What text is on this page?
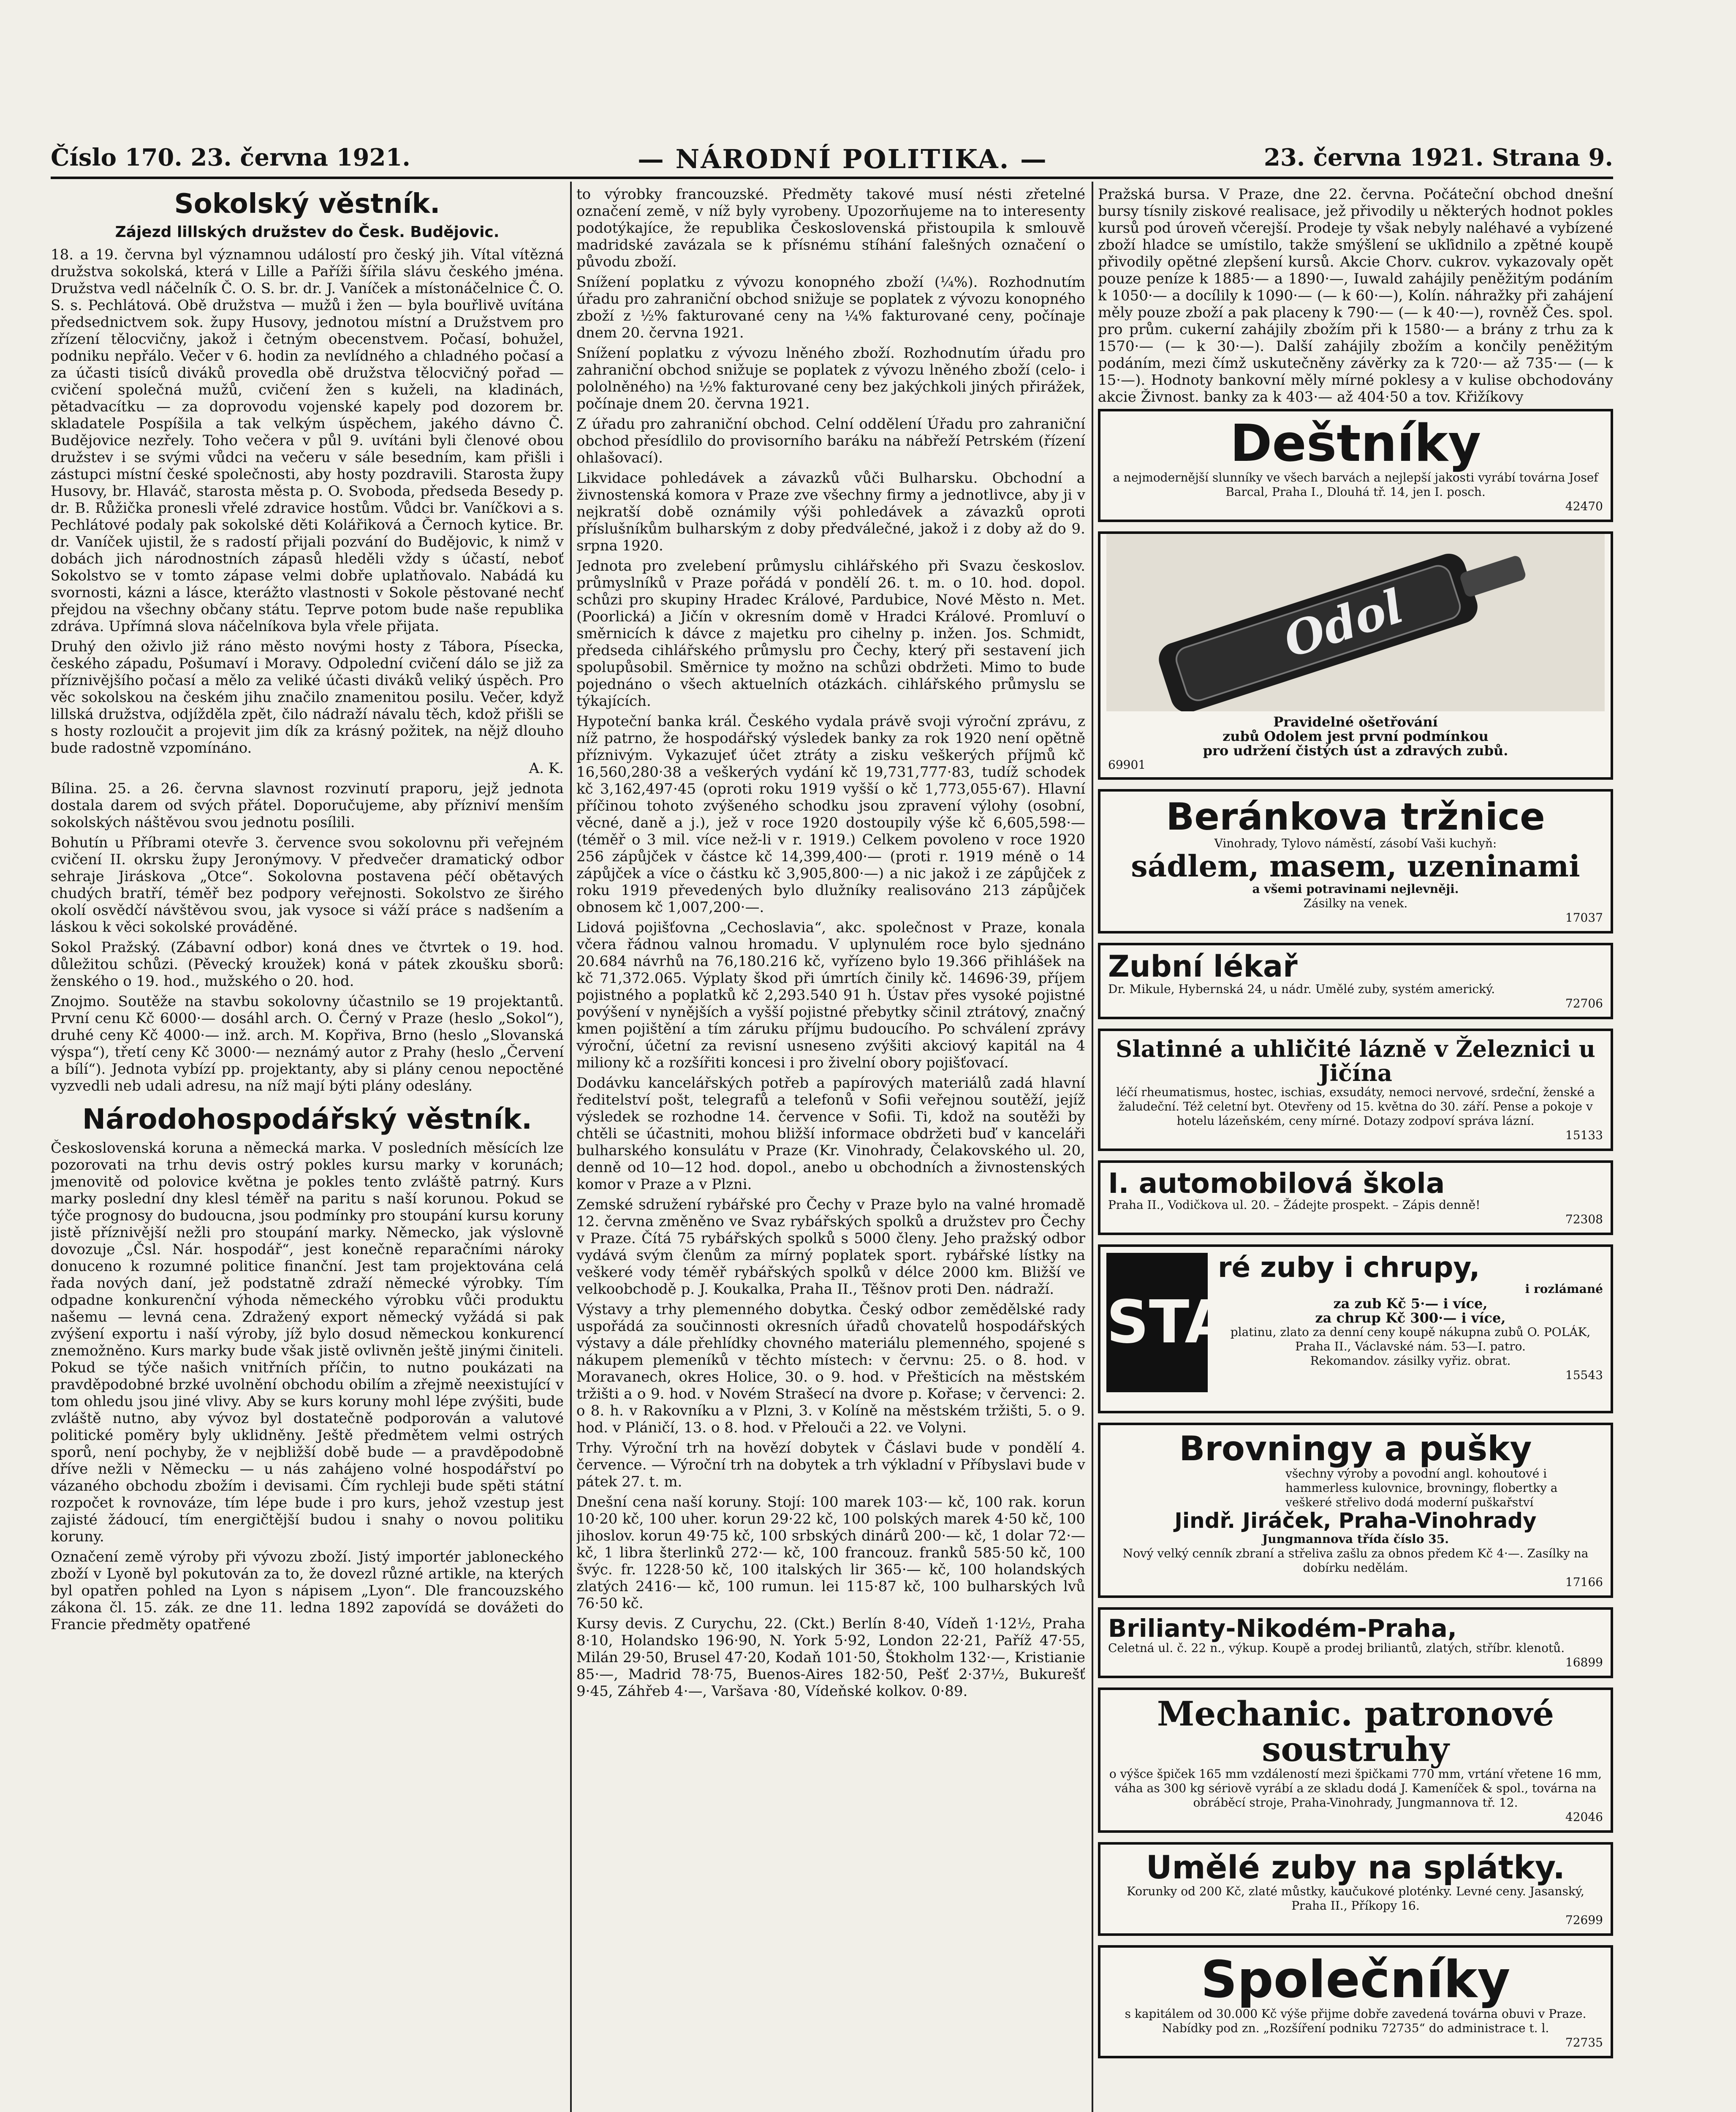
Číslo 170. 23. června 1921.	— NÁRODNÍ POLITIKA. —	23. června 1921. Strana 9.
Sokolský věstník.
Zájezd lillských družstev do Česk. Budějovic.

18. a 19. června byl významnou událostí pro český jih. Vítal vítězná družstva sokolská, která v Lille a Paříži šířila slávu českého jména. Družstva vedl náčelník Č. O. S. br. dr. J. Vaníček a místonáčelnice Č. O. S. s. Pechlátová. Obě družstva — mužů i žen — byla bouřlivě uvítána předsednictvem sok. župy Husovy, jednotou místní a Družstvem pro zřízení tělocvičny, jakož i četným obecenstvem. Počasí, bohužel, podniku nepřálo. Večer v 6. hodin za nevlídného a chladného počasí a za účasti tisíců diváků provedla obě družstva tělocvičný pořad — cvičení společná mužů, cvičení žen s kuželi, na kladinách, pětadvacítku — za doprovodu vojenské kapely pod dozorem br. skladatele Pospíšila a tak velkým úspěchem, jakého dávno Č. Budějovice nezřely. Toho večera v půl 9. uvítáni byli členové obou družstev i se svými vůdci na večeru v sále besedním, kam přišli i zástupci místní české společnosti, aby hosty pozdravili. Starosta župy Husovy, br. Hlaváč, starosta města p. O. Svoboda, předseda Besedy p. dr. B. Růžička pronesli vřelé zdravice hostům. Vůdci br. Vaníčkovi a s. Pechlátové podaly pak sokolské děti Kolářiková a Černoch kytice. Br. dr. Vaníček ujistil, že s radostí přijali pozvání do Budějovic, k nimž v dobách jich národnostních zápasů hleděli vždy s účastí, neboť Sokolstvo se v tomto zápase velmi dobře uplatňovalo. Nabádá ku svornosti, kázni a lásce, kterážto vlastnosti v Sokole pěstované nechť přejdou na všechny občany státu. Teprve potom bude naše republika zdráva. Upřímná slova náčelníkova byla vřele přijata.

Druhý den oživlo již ráno město novými hosty z Tábora, Písecka, českého západu, Pošumaví i Moravy. Odpolední cvičení dálo se již za příznivějšího počasí a mělo za veliké účasti diváků veliký úspěch. Pro věc sokolskou na českém jihu značilo znamenitou posilu. Večer, když lillská družstva, odjížděla zpět, čilo nádraží návalu těch, kdož přišli se s hosty rozloučit a projevit jim dík za krásný požitek, na nějž dlouho bude radostně vzpomínáno.

A. K.

Bílina. 25. a 26. června slavnost rozvinutí praporu, jejž jednota dostala darem od svých přátel. Doporučujeme, aby přízniví menším sokolských náštěvou svou jednotu posílili.

Bohutín u Příbrami otevře 3. července svou sokolovnu při veřejném cvičení II. okrsku župy Jeronýmovy. V předvečer dramatický odbor sehraje Jiráskova „Otce“. Sokolovna postavena péčí obětavých chudých bratří, téměř bez podpory veřejnosti. Sokolstvo ze širého okolí osvědčí návštěvou svou, jak vysoce si váží práce s nadšením a láskou k věci sokolské prováděné.

Sokol Pražský. (Zábavní odbor) koná dnes ve čtvrtek o 19. hod. důležitou schůzi. (Pěvecký kroužek) koná v pátek zkoušku sborů: ženského o 19. hod., mužského o 20. hod.

Znojmo. Soutěže na stavbu sokolovny účastnilo se 19 projektantů. První cenu Kč 6000·— dosáhl arch. O. Černý v Praze (heslo „Sokol“), druhé ceny Kč 4000·— inž. arch. M. Kopřiva, Brno (heslo „Slovanská výspa“), třetí ceny Kč 3000·— neznámý autor z Prahy (heslo „Červení a bílí“). Jednota vybízí pp. projektanty, aby si plány cenou nepoctěné vyzvedli neb udali adresu, na níž mají býti plány odeslány.

Národohospodářský věstník.

Československá koruna a německá marka. V posledních měsících lze pozorovati na trhu devis ostrý pokles kursu marky v korunách; jmenovitě od polovice května je pokles tento zvláště patrný. Kurs marky poslední dny klesl téměř na paritu s naší korunou. Pokud se týče prognosy do budoucna, jsou podmínky pro stoupání kursu koruny jistě příznivější nežli pro stoupání marky. Německo, jak výslovně dovozuje „Čsl. Nár. hospodář“, jest konečně reparačními nároky donuceno k rozumné politice finanční. Jest tam projektována celá řada nových daní, jež podstatně zdraží německé výrobky. Tím odpadne konkurenční výhoda německého výrobku vůči produktu našemu — levná cena. Zdražený export německý vyžádá si pak zvýšení exportu i naší výroby, jíž bylo dosud německou konkurencí znemožněno. Kurs marky bude však jistě ovlivněn ještě jinými činiteli. Pokud se týče našich vnitřních příčin, to nutno poukázati na pravděpodobné brzké uvolnění obchodu obilím a zřejmě neexistující v tom ohledu jsou jiné vlivy. Aby se kurs koruny mohl lépe zvýšiti, bude zvláště nutno, aby vývoz byl dostatečně podporován a valutové politické poměry byly uklidněny. Ještě předmětem velmi ostrých sporů, není pochyby, že v nejbližší době bude — a pravděpodobně dříve nežli v Německu — u nás zahájeno volné hospodářství po vázaného obchodu zbožím i devisami. Čím rychleji bude spěti státní rozpočet k rovnováze, tím lépe bude i pro kurs, jehož vzestup jest zajisté žádoucí, tím energičtější budou i snahy o novou politiku koruny.

Označení země výroby při vývozu zboží. Jistý importér jabloneckého zboží v Lyoně byl pokutován za to, že dovezl různé artikle, na kterých byl opatřen pohled na Lyon s nápisem „Lyon“. Dle francouzského zákona čl. 15. zák. ze dne 11. ledna 1892 zapovídá se dovážeti do Francie předměty opatřené

to výrobky francouzské. Předměty takové musí nésti zřetelné označení země, v níž byly vyrobeny. Upozorňujeme na to interesenty podotýkajíce, že republika Československá přistoupila k smlouvě madridské zavázala se k přísnému stíhání falešných označení o původu zboží.

Snížení poplatku z vývozu konopného zboží (¼%). Rozhodnutím úřadu pro zahraniční obchod snižuje se poplatek z vývozu konopného zboží z ½% fakturované ceny na ¼% fakturované ceny, počínaje dnem 20. června 1921.

Snížení poplatku z vývozu lněného zboží. Rozhodnutím úřadu pro zahraniční obchod snižuje se poplatek z vývozu lněného zboží (celo- i pololněného) na ½% fakturované ceny bez jakýchkoli jiných přirážek, počínaje dnem 20. června 1921.

Z úřadu pro zahraniční obchod. Celní oddělení Úřadu pro zahraniční obchod přesídlilo do provisorního baráku na nábřeží Petrském (řízení ohlašovací).

Likvidace pohledávek a závazků vůči Bulharsku. Obchodní a živnostenská komora v Praze zve všechny firmy a jednotlivce, aby ji v nejkratší době oznámily výši pohledávek a závazků oproti příslušníkům bulharským z doby předválečné, jakož i z doby až do 9. srpna 1920.

Jednota pro zvelebení průmyslu cihlářského při Svazu českoslov. průmyslníků v Praze pořádá v pondělí 26. t. m. o 10. hod. dopol. schůzi pro skupiny Hradec Králové, Pardubice, Nové Město n. Met. (Poorlická) a Jičín v okresním domě v Hradci Králové. Promluví o směrnicích k dávce z majetku pro cihelny p. inžen. Jos. Schmidt, předseda cihlářského průmyslu pro Čechy, který při sestavení jich spolupůsobil. Směrnice ty možno na schůzi obdržeti. Mimo to bude pojednáno o všech aktuelních otázkách. cihlářského průmyslu se týkajících.

Hypoteční banka král. Českého vydala právě svoji výroční zprávu, z níž patrno, že hospodářský výsledek banky za rok 1920 není opětně příznivým. Vykazujeť účet ztráty a zisku veškerých příjmů kč 16,560,280·38 a veškerých vydání kč 19,731,777·83, tudíž schodek kč 3,162,497·45 (oproti roku 1919 vyšší o kč 1,773,055·67). Hlavní příčinou tohoto zvýšeného schodku jsou zpravení výlohy (osobní, věcné, daně a j.), jež v roce 1920 dostoupily výše kč 6,605,598·— (téměř o 3 mil. více než-li v r. 1919.) Celkem povoleno v roce 1920 256 zápůjček v částce kč 14,399,400·— (proti r. 1919 méně o 14 zápůjček a více o částku kč 3,905,800·—) a nic jakož i ze zápůjček z roku 1919 převedených bylo dlužníky realisováno 213 zápůjček obnosem kč 1,007,200·—.

Lidová pojišťovna „Cechoslavia“, akc. společnost v Praze, konala včera řádnou valnou hromadu. V uplynulém roce bylo sjednáno 20.684 návrhů na 76,180.216 kč, vyřízeno bylo 19.366 přihlášek na kč 71,372.065. Výplaty škod při úmrtích činily kč. 14696·39, příjem pojistného a poplatků kč 2,293.540 91 h. Ústav přes vysoké pojistné povýšení v nynějších a vyšší pojistné přebytky sčinil ztrátový, značný kmen pojištění a tím záruku příjmu budoucího. Po schválení zprávy výroční, účetní za revisní usneseno zvýšiti akciový kapitál na 4 miliony kč a rozšířiti koncesi i pro živelní obory pojišťovací.

Dodávku kancelářských potřeb a papírových materiálů zadá hlavní ředitelství pošt, telegrafů a telefonů v Sofii veřejnou soutěží, jejíž výsledek se rozhodne 14. července v Sofii. Ti, kdož na soutěži by chtěli se účastniti, mohou bližší informace obdržeti buď v kanceláři bulharského konsulátu v Praze (Kr. Vinohrady, Čelakovského ul. 20, denně od 10—12 hod. dopol., anebo u obchodních a živnostenských komor v Praze a v Plzni.

Zemské sdružení rybářské pro Čechy v Praze bylo na valné hromadě 12. června změněno ve Svaz rybářských spolků a družstev pro Čechy v Praze. Čítá 75 rybářských spolků s 5000 členy. Jeho pražský odbor vydává svým členům za mírný poplatek sport. rybářské lístky na veškeré vody téměř rybářských spolků v délce 2000 km. Bližší ve velkoobchodě p. J. Koukalka, Praha II., Těšnov proti Den. nádraží.

Výstavy a trhy plemenného dobytka. Český odbor zemědělské rady uspořádá za součinnosti okresních úřadů chovatelů hospodářských výstavy a dále přehlídky chovného materiálu plemenného, spojené s nákupem plemeníků v těchto místech: v červnu: 25. o 8. hod. v Moravanech, okres Holice, 30. o 9. hod. v Přešticích na městském tržišti a o 9. hod. v Novém Strašecí na dvore p. Kořase; v červenci: 2. o 8. h. v Rakovníku a v Plzni, 3. v Kolíně na městském tržišti, 5. o 9. hod. v Pláničí, 13. o 8. hod. v Přelouči a 22. ve Volyni.

Trhy. Výroční trh na hovězí dobytek v Čáslavi bude v pondělí 4. července. — Výroční trh na dobytek a trh výkladní v Příbyslavi bude v pátek 27. t. m.

Dnešní cena naší koruny. Stojí: 100 marek 103·— kč, 100 rak. korun 10·20 kč, 100 uher. korun 29·22 kč, 100 polských marek 4·50 kč, 100 jihoslov. korun 49·75 kč, 100 srbských dinárů 200·— kč, 1 dolar 72·— kč, 1 libra šterlinků 272·— kč, 100 francouz. franků 585·50 kč, 100 švýc. fr. 1228·50 kč, 100 italských lir 365·— kč, 100 holandských zlatých 2416·— kč, 100 rumun. lei 115·87 kč, 100 bulharských lvů 76·50 kč.

Kursy devis. Z Curychu, 22. (Ckt.) Berlín 8·40, Vídeň 1·12½, Praha 8·10, Holandsko 196·90, N. York 5·92, London 22·21, Paříž 47·55, Milán 29·50, Brusel 47·20, Kodaň 101·50, Štokholm 132·—, Kristianie 85·—, Madrid 78·75, Buenos-Aires 182·50, Pešť 2·37½, Bukurešť 9·45, Záhřeb 4·—, Varšava ·80, Vídeňské kolkov. 0·89.

Pražská bursa. V Praze, dne 22. června. Počáteční obchod dnešní bursy tísnily ziskové realisace, jež přivodily u některých hodnot pokles kursů pod úroveň včerejší. Prodeje ty však nebyly naléhavé a vybízené zboží hladce se umístilo, takže smýšlení se ukľidnilo a zpětné koupě přivodily opětné zlepšení kursů. Akcie Chorv. cukrov. vykazovaly opět pouze peníze k 1885·— a 1890·—, Iuwald zahájily peněžitým podáním k 1050·— a docílily k 1090·— (— k 60·—), Kolín. náhražky při zahájení měly pouze zboží a pak placeny k 790·— (— k 40·—), rovněž Čes. spol. pro prům. cukerní zahájily zbožím při k 1580·— a brány z trhu za k 1570·— (— k 30·—). Další zahájily zbožím a končily peněžitým podáním, mezi čímž uskutečněny závěrky za k 720·— až 735·— (— k 15·—). Hodnoty bankovní měly mírné poklesy a v kulise obchodovány akcie Živnost. banky za k 403·— až 404·50 a tov. Křižíkovy

Deštníky
a nejmodernější slunníky ve všech barvách a nejlepší jakosti vyrábí továrna Josef Barcal, Praha I., Dlouhá tř. 14, jen I. posch.
42470
Odol
Pravidelné ošetřování
zubů Odolem jest první podmínkou
pro udržení čistých úst a zdravých zubů.
69901
Beránkova tržnice
Vinohrady, Tylovo náměstí, zásobí Vaši kuchyň:
sádlem, masem, uzeninami
a všemi potravinami nejlevněji.
Zásilky na venek.
17037
Zubní lékař
Dr. Mikule, Hybernská 24, u nádr. Umělé zuby, systém americký.
72706
Slatinné a uhličité lázně v Železnici u Jičína
léčí rheumatismus, hostec, ischias, exsudáty, nemoci nervové, srdeční, ženské a žaludeční. Též celetní byt. Otevřeny od 15. května do 30. září. Pense a pokoje v hotelu lázeňském, ceny mírné. Dotazy zodpoví správa lázní.
15133
I. automobilová škola
Praha II., Vodičkova ul. 20. – Žádejte prospekt. – Zápis denně!
72308
STA
ré zuby i chrupy,
i rozlámané
za zub Kč 5·— i více,
za chrup Kč 300·— i více,
platinu, zlato za denní ceny koupě nákupna zubů O. POLÁK, Praha II., Václavské nám. 53—I. patro.
Rekomandov. zásilky vyřiz. obrat.
15543
Brovningy a pušky
všechny výroby a povodní angl. kohoutové i hammerless kulovnice, brovningy, flobertky a veškeré střelivo dodá moderní puškařství
Jindř. Jiráček, Praha-Vinohrady
Jungmannova třída číslo 35.
Nový velký cenník zbraní a střeliva zašlu za obnos předem Kč 4·—. Zasílky na dobírku nedělám.
17166
Brilianty-Nikodém-Praha,
Celetná ul. č. 22 n., výkup. Koupě a prodej briliantů, zlatých, stříbr. klenotů.
16899
Mechanic. patronové soustruhy
o výšce špiček 165 mm vzdáleností mezi špičkami 770 mm, vrtání vřetene 16 mm, váha as 300 kg sériově vyrábí a ze skladu dodá J. Kameníček & spol., továrna na obráběcí stroje, Praha-Vinohrady, Jungmannova tř. 12.
42046
Umělé zuby na splátky.
Korunky od 200 Kč, zlaté můstky, kaučukové ploténky. Levné ceny. Jasanský, Praha II., Příkopy 16.
72699
Společníky
s kapitálem od 30.000 Kč výše přijme dobře zavedená továrna obuvi v Praze. Nabídky pod zn. „Rozšíření podniku 72735“ do administrace t. l.
72735
